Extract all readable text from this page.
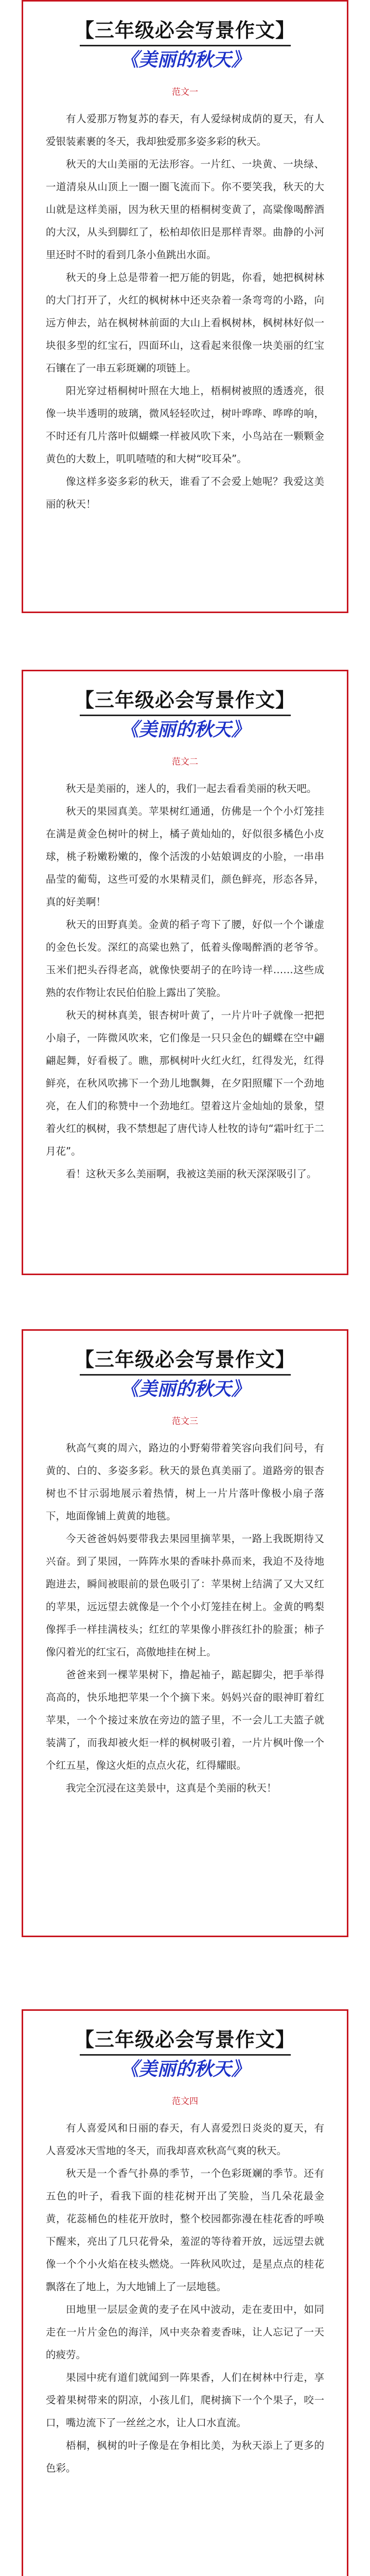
【三年级必会写景作文】
《美丽的秋天》
范文一

有人爱那万物复苏的春天，有人爱绿树成荫的夏天，有人爱银装素裹的冬天，我却独爱那多姿多彩的秋天。

秋天的大山美丽的无法形容。一片红、一块黄、一块绿、一道清泉从山顶上一圈一圈飞流而下。你不要笑我，秋天的大山就是这样美丽，因为秋天里的梧桐树变黄了，高粱像喝醉酒的大汉，从头到脚红了，松柏却依旧是那样青翠。曲静的小河里还时不时的看到几条小鱼跳出水面。

秋天的身上总是带着一把万能的钥匙，你看，她把枫树林的大门打开了，火红的枫树林中还夹杂着一条弯弯的小路，向远方伸去，站在枫树林前面的大山上看枫树林，枫树林好似一块很多型的红宝石，四面环山，这看起来很像一块美丽的红宝石镶在了一串五彩斑斓的项链上。

阳光穿过梧桐树叶照在大地上，梧桐树被照的透透亮，很像一块半透明的玻璃，微风轻轻吹过，树叶哗哗、哗哗的响，不时还有几片落叶似蝴蝶一样被风吹下来，小鸟站在一颗颗金黄色的大数上，叽叽喳喳的和大树“咬耳朵”。

像这样多姿多彩的秋天，谁看了不会爱上她呢？我爱这美丽的秋天！

【三年级必会写景作文】
《美丽的秋天》
范文二

秋天是美丽的，迷人的，我们一起去看看美丽的秋天吧。

秋天的果园真美。苹果树红通通，仿佛是一个个小灯笼挂在满是黄金色树叶的树上，橘子黄灿灿的，好似很多橘色小皮球，桃子粉嫩粉嫩的，像个活泼的小姑娘调皮的小脸，一串串晶莹的葡萄，这些可爱的水果精灵们，颜色鲜亮，形态各异，真的好美啊！

秋天的田野真美。金黄的稻子弯下了腰，好似一个个谦虚的金色长发。深红的高粱也熟了，低着头像喝醉酒的老爷爷。玉米们把头吞得老高，就像快要胡子的在吟诗一样……这些成熟的农作物让农民伯伯脸上露出了笑脸。

秋天的树林真美，银杏树叶黄了，一片片叶子就像一把把小扇子，一阵微风吹来，它们像是一只只金色的蝴蝶在空中翩翩起舞，好看极了。瞧，那枫树叶火红火红，红得发光，红得鲜亮，在秋风吹拂下一个劲儿地飘舞，在夕阳照耀下一个劲地亮，在人们的称赞中一个劲地红。望着这片金灿灿的景象，望着火红的枫树，我不禁想起了唐代诗人杜牧的诗句“霜叶红于二月花”。

看！这秋天多么美丽啊，我被这美丽的秋天深深吸引了。

【三年级必会写景作文】
《美丽的秋天》
范文三

秋高气爽的周六，路边的小野菊带着笑容向我们问号，有黄的、白的、多姿多彩。秋天的景色真美丽了。道路旁的银杏树也不甘示弱地展示着热情，树上一片片落叶像极小扇子落下，地面像铺上黄黄的地毯。

今天爸爸妈妈要带我去果园里摘苹果，一路上我既期待又兴奋。到了果园，一阵阵水果的香味扑鼻而来，我迫不及待地跑进去，瞬间被眼前的景色吸引了：苹果树上结满了又大又红的苹果，远远望去就像是一个个小灯笼挂在树上。金黄的鸭梨像挥手一样挂满枝头；红红的苹果像小胖孩红扑的脸蛋；柿子像闪着光的红宝石，高傲地挂在树上。

爸爸来到一棵苹果树下，撸起袖子，踮起脚尖，把手举得高高的，快乐地把苹果一个个摘下来。妈妈兴奋的眼神盯着红苹果，一个个接过来放在旁边的篮子里，不一会儿工夫篮子就装满了，而我却被火炬一样的枫树吸引着，一片片枫叶像一个个红五星，像这火炬的点点火花，红得耀眼。

我完全沉浸在这美景中，这真是个美丽的秋天！

【三年级必会写景作文】
《美丽的秋天》
范文四

有人喜爱风和日丽的春天，有人喜爱烈日炎炎的夏天，有人喜爱冰天雪地的冬天，而我却喜欢秋高气爽的秋天。

秋天是一个香气扑鼻的季节，一个色彩斑斓的季节。还有五色的叶子，看我下面的桂花树开出了笑脸，当几朵花最金黄，花蕊桶色的桂花开放时，整个校园都弥漫在桂花香的呼唤下醒来，亮出了几只花骨朵，羞涩的等待着开放，远远望去就像一个个小火焰在枝头燃烧。一阵秋风吹过，是星点点的桂花飘落在了地上，为大地铺上了一层地毯。

田地里一层层金黄的麦子在风中波动，走在麦田中，如同走在一片片金色的海洋，风中夹杂着麦香味，让人忘记了一天的疲劳。

果园中疣有道们就闻到一阵果香，人们在树林中行走，享受着果树带来的阴凉，小孩儿们，爬树摘下一个个果子，咬一口，嘴边流下了一丝丝之水，让人口水直流。

梧桐，枫树的叶子像是在争相比美，为秋天添上了更多的色彩。
